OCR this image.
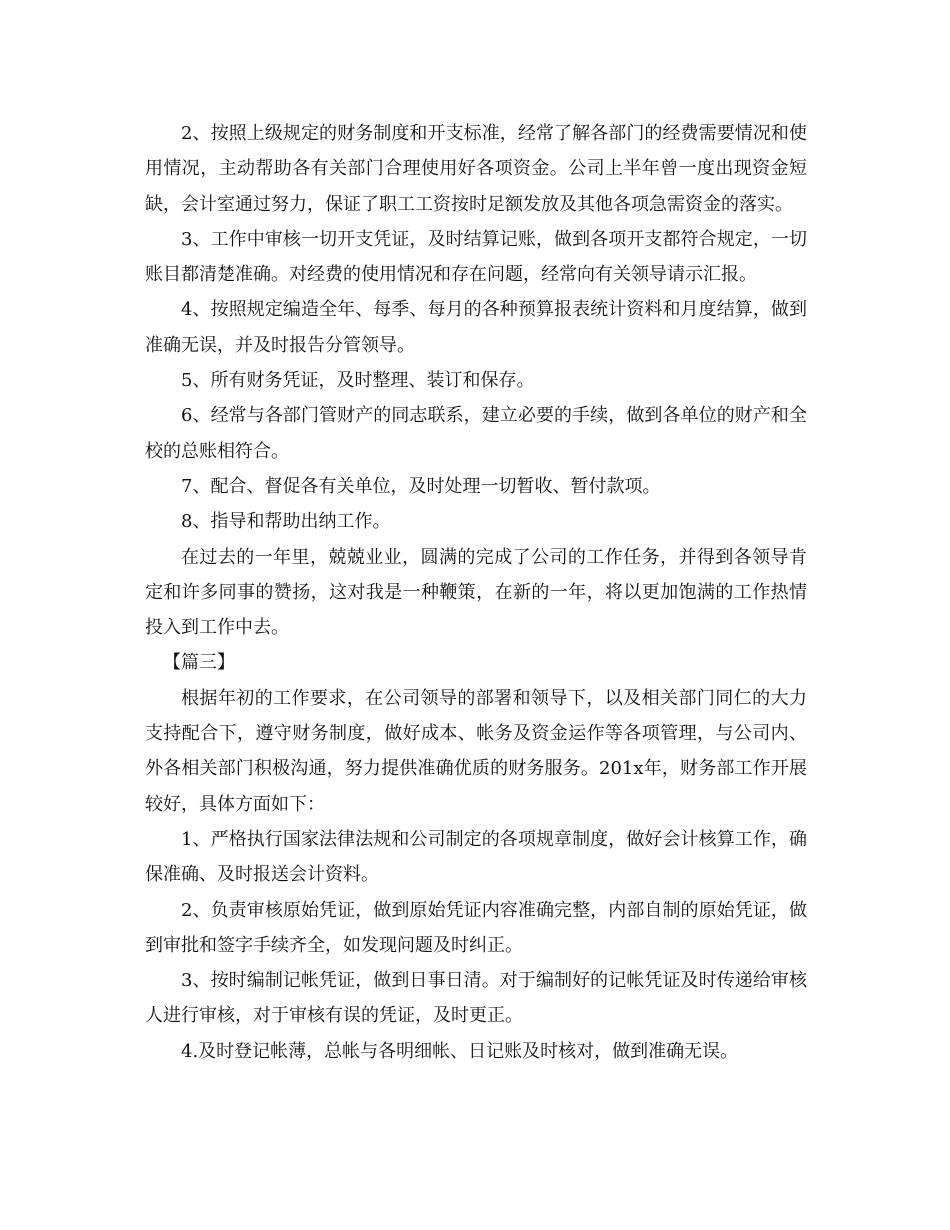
2、按照上级规定的财务制度和开支标准，经常了解各部门的经费需要情况和使用情况，主动帮助各有关部门合理使用好各项资金。公司上半年曾一度出现资金短缺，会计室通过努力，保证了职工工资按时足额发放及其他各项急需资金的落实。

3、工作中审核一切开支凭证，及时结算记账，做到各项开支都符合规定，一切账目都清楚准确。对经费的使用情况和存在问题，经常向有关领导请示汇报。

4、按照规定编造全年、每季、每月的各种预算报表统计资料和月度结算，做到准确无误，并及时报告分管领导。

5、所有财务凭证，及时整理、装订和保存。

6、经常与各部门管财产的同志联系，建立必要的手续，做到各单位的财产和全校的总账相符合。

7、配合、督促各有关单位，及时处理一切暂收、暂付款项。

8、指导和帮助出纳工作。

在过去的一年里，兢兢业业，圆满的完成了公司的工作任务，并得到各领导肯定和许多同事的赞扬，这对我是一种鞭策，在新的一年，将以更加饱满的工作热情投入到工作中去。

【篇三】

根据年初的工作要求，在公司领导的部署和领导下，以及相关部门同仁的大力支持配合下，遵守财务制度，做好成本、帐务及资金运作等各项管理，与公司内、外各相关部门积极沟通，努力提供准确优质的财务服务。201x年，财务部工作开展较好，具体方面如下：

1、严格执行国家法律法规和公司制定的各项规章制度，做好会计核算工作，确保准确、及时报送会计资料。

2、负责审核原始凭证，做到原始凭证内容准确完整，内部自制的原始凭证，做到审批和签字手续齐全，如发现问题及时纠正。

3、按时编制记帐凭证，做到日事日清。对于编制好的记帐凭证及时传递给审核人进行审核，对于审核有误的凭证，及时更正。

4.及时登记帐薄，总帐与各明细帐、日记账及时核对，做到准确无误。
